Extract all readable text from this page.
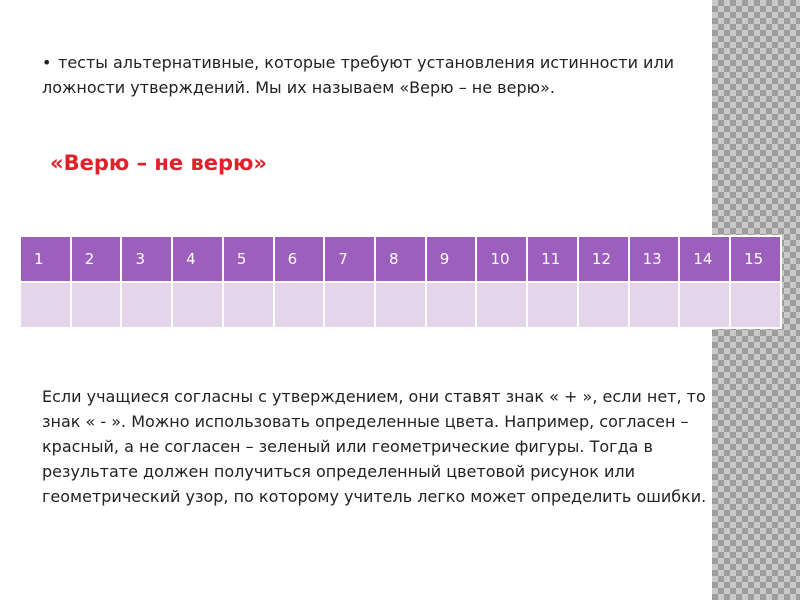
• тесты альтернативные, которые требуют установления истинности или ложности утверждений. Мы их называем «Верю – не верю».

«Верю – не верю»
1	2	3	4	5	6	7	8	9	10	11	12	13	14	15

Если учащиеся согласны с утверждением, они ставят знак « + », если нет, то знак « - ». Можно использовать определенные цвета. Например, согласен – красный, а не согласен – зеленый или геометрические фигуры. Тогда в результате должен получиться определенный цветовой рисунок или геометрический узор, по которому учитель легко может определить ошибки.
